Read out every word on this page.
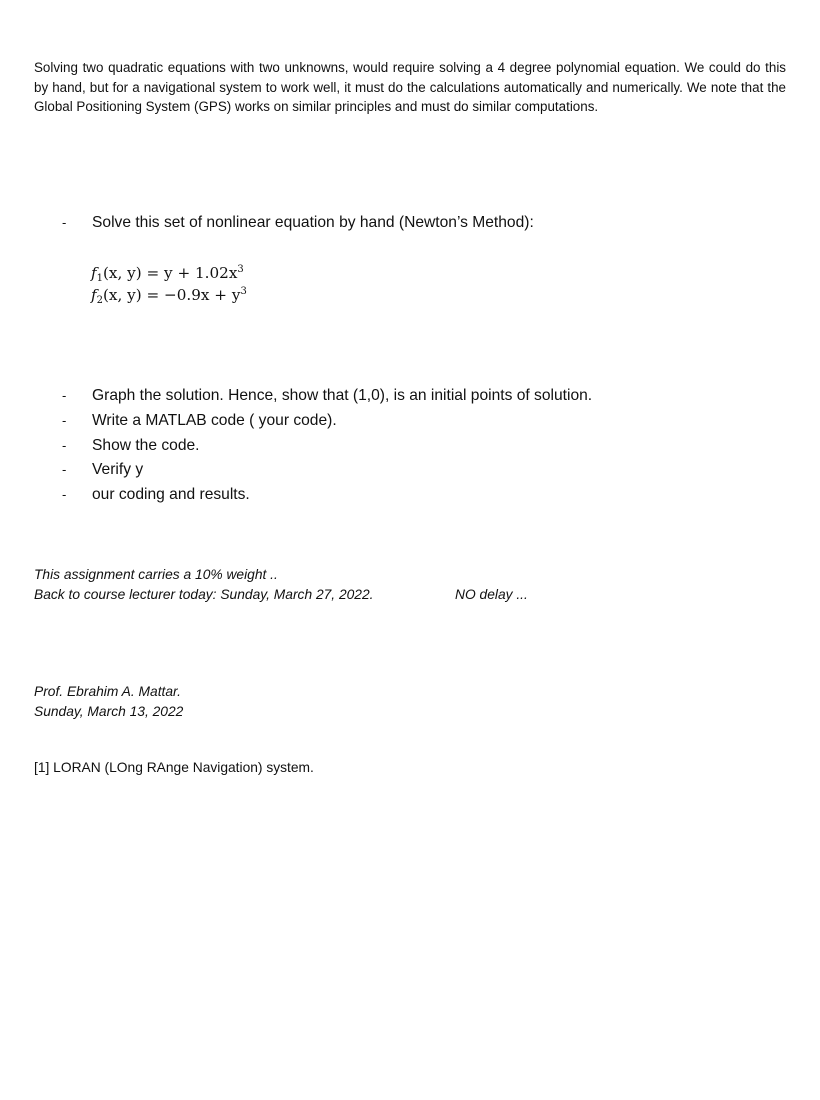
Solving two quadratic equations with two unknowns, would require solving a 4 degree polynomial equation. We could do this by hand, but for a navigational system to work well, it must do the calculations automatically and numerically. We note that the Global Positioning System (GPS) works on similar principles and must do similar computations.

- Solve this set of nonlinear equation by hand (Newton’s Method):
$f_1(x$, $y) = y + 1.02x^3$
$f_2(x$, $y) = -0.9x + y^3$
- Graph the solution. Hence, show that (1,0), is an initial points of solution.
- Write a MATLAB code ( your code).
- Show the code.
- Verify y
- our coding and results.
This assignment carries a 10% weight ..
Back to course lecturer today: Sunday, March 27, 2022.	NO delay ...
Prof. Ebrahim A. Mattar.
Sunday, March 13, 2022
[1] LORAN (LOng RAnge Navigation) system.
